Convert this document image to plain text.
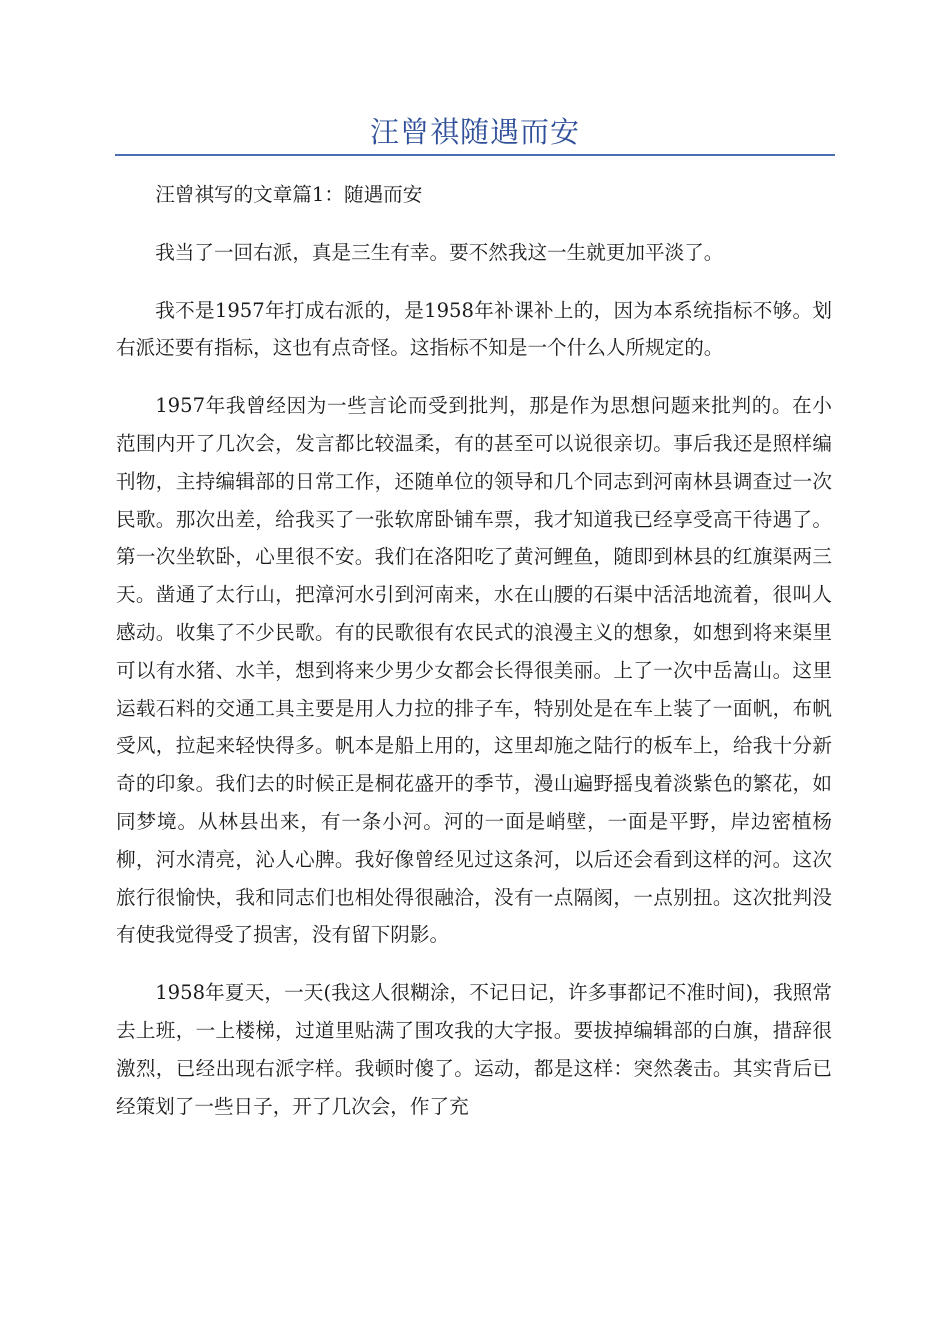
汪曾祺随遇而安

汪曾祺写的文章篇1：随遇而安

我当了一回右派，真是三生有幸。要不然我这一生就更加平淡了。

我不是1957年打成右派的，是1958年补课补上的，因为本系统指标不够。划右派还要有指标，这也有点奇怪。这指标不知是一个什么人所规定的。

1957年我曾经因为一些言论而受到批判，那是作为思想问题来批判的。在小范围内开了几次会，发言都比较温柔，有的甚至可以说很亲切。事后我还是照样编刊物，主持编辑部的日常工作，还随单位的领导和几个同志到河南林县调查过一次民歌。那次出差，给我买了一张软席卧铺车票，我才知道我已经享受高干待遇了。第一次坐软卧，心里很不安。我们在洛阳吃了黄河鲤鱼，随即到林县的红旗渠两三天。凿通了太行山，把漳河水引到河南来，水在山腰的石渠中活活地流着，很叫人感动。收集了不少民歌。有的民歌很有农民式的浪漫主义的想象，如想到将来渠里可以有水猪、水羊，想到将来少男少女都会长得很美丽。上了一次中岳嵩山。这里运载石料的交通工具主要是用人力拉的排子车，特别处是在车上装了一面帆，布帆受风，拉起来轻快得多。帆本是船上用的，这里却施之陆行的板车上，给我十分新奇的印象。我们去的时候正是桐花盛开的季节，漫山遍野摇曳着淡紫色的繁花，如同梦境。从林县出来，有一条小河。河的一面是峭壁，一面是平野，岸边密植杨柳，河水清亮，沁人心脾。我好像曾经见过这条河，以后还会看到这样的河。这次旅行很愉快，我和同志们也相处得很融洽，没有一点隔阂，一点别扭。这次批判没有使我觉得受了损害，没有留下阴影。

1958年夏天，一天(我这人很糊涂，不记日记，许多事都记不准时间)，我照常去上班，一上楼梯，过道里贴满了围攻我的大字报。要拔掉编辑部的白旗，措辞很激烈，已经出现右派字样。我顿时傻了。运动，都是这样：突然袭击。其实背后已经策划了一些日子，开了几次会，作了充
